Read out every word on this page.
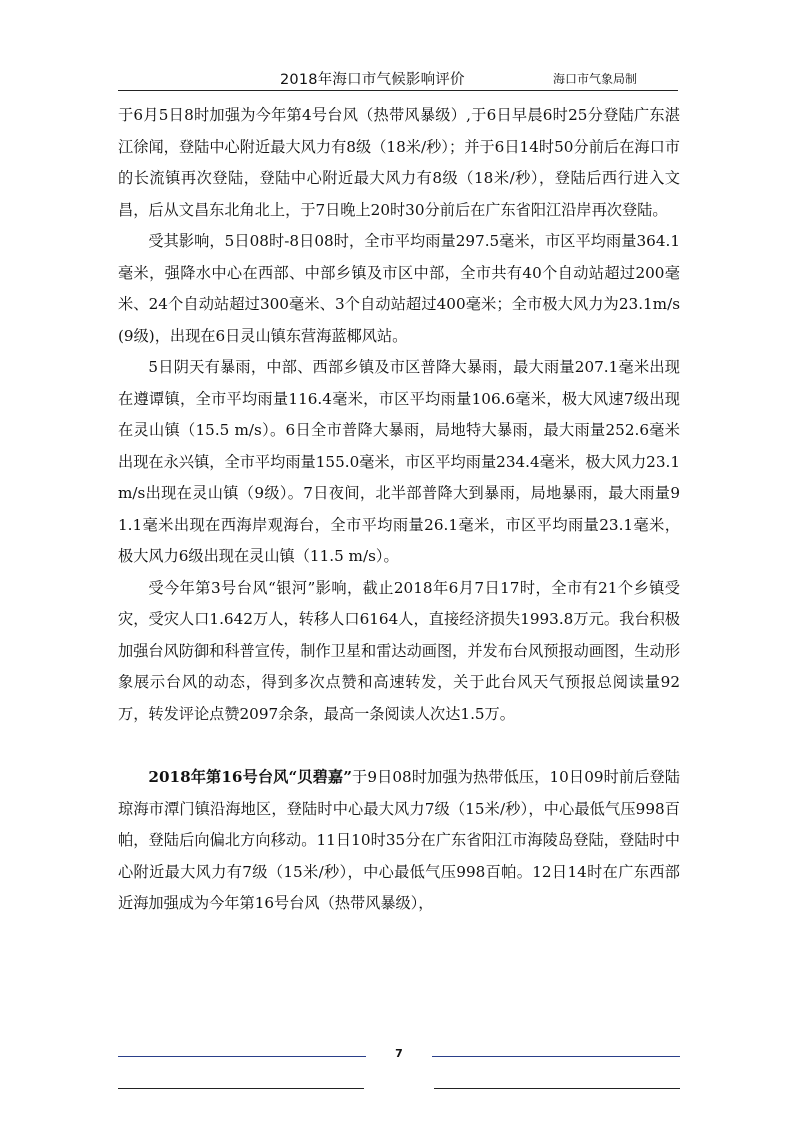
2018年海口市气候影响评价	海口市气象局制

于6月5日8时加强为今年第4号台风（热带风暴级）,于6日早晨6时25分登陆广东湛江徐闻，登陆中心附近最大风力有8级（18米/秒）；并于6日14时50分前后在海口市的长流镇再次登陆，登陆中心附近最大风力有8级（18米/秒），登陆后西行进入文昌，后从文昌东北角北上，于7日晚上20时30分前后在广东省阳江沿岸再次登陆。

受其影响，5日08时-8日08时，全市平均雨量297.5毫米，市区平均雨量364.1毫米，强降水中心在西部、中部乡镇及市区中部，全市共有40个自动站超过200毫米、24个自动站超过300毫米、3个自动站超过400毫米；全市极大风力为23.1m/s(9级)，出现在6日灵山镇东营海蓝椰风站。

5日阴天有暴雨，中部、西部乡镇及市区普降大暴雨，最大雨量207.1毫米出现在遵谭镇，全市平均雨量116.4毫米，市区平均雨量106.6毫米，极大风速7级出现在灵山镇（15.5 m/s）。6日全市普降大暴雨，局地特大暴雨，最大雨量252.6毫米出现在永兴镇，全市平均雨量155.0毫米，市区平均雨量234.4毫米，极大风力23.1m/s出现在灵山镇（9级）。7日夜间，北半部普降大到暴雨，局地暴雨，最大雨量91.1毫米出现在西海岸观海台，全市平均雨量26.1毫米，市区平均雨量23.1毫米，极大风力6级出现在灵山镇（11.5 m/s）。

受今年第3号台风“银河”影响，截止2018年6月7日17时，全市有21个乡镇受灾，受灾人口1.642万人，转移人口6164人，直接经济损失1993.8万元。我台积极加强台风防御和科普宣传，制作卫星和雷达动画图，并发布台风预报动画图，生动形象展示台风的动态，得到多次点赞和高速转发，关于此台风天气预报总阅读量92万，转发评论点赞2097余条，最高一条阅读人次达1.5万。

2018年第16号台风“贝碧嘉”于9日08时加强为热带低压，10日09时前后登陆琼海市潭门镇沿海地区，登陆时中心最大风力7级（15米/秒），中心最低气压998百帕，登陆后向偏北方向移动。11日10时35分在广东省阳江市海陵岛登陆，登陆时中心附近最大风力有7级（15米/秒），中心最低气压998百帕。12日14时在广东西部近海加强成为今年第16号台风（热带风暴级），

7
